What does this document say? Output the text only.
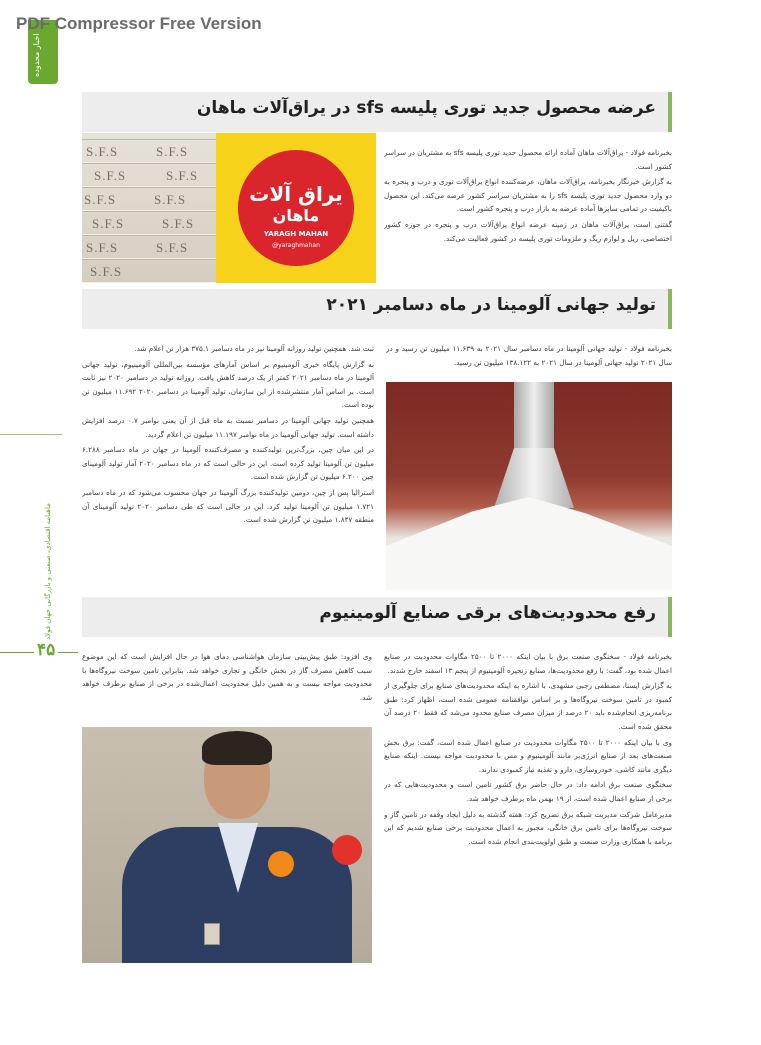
PDF Compressor Free Version
اخبار محدوده
ماهنامه اقتصادی، صنعتی و بازرگانی جهان فولاد
۴۵
عرضه محصول جدید توری پلیسه sfs در یراق‌آلات ماهان
S.F.S	S.F.S
S.F.S	S.F.S
S.F.S	S.F.S
S.F.S	S.F.S
S.F.S	S.F.S
S.F.S
یراق آلات
ماهان
YARAGH MAHAN
@yaraghmahan

بخبرنامه فولاد - یراق‌آلات ماهان آماده ارائه محصول جدید توری پلیسه sfs به مشتریان در سراسر کشور است.

به گزارش خبرنگار بخبرنامه، یراق‌آلات ماهان، عرضه‌کننده انواع یراق‌آلات توری و درب و پنجره به دو وارد محصول جدید توری پلیسه sfs را به مشتریان سراسر کشور عرضه می‌کند. این محصول باکیفیت در تمامی سایزها آماده عرضه به بازار درب و پنجره کشور است.

گفتنی است، یراق‌آلات ماهان در زمینه عرضه انواع یراق‌آلات درب و پنجره در حوزه کشور اختصاصی، ریل و لوازم ریگ و ملزومات توری پلیسه در کشور فعالیت می‌کند.

تولید جهانی آلومینا در ماه دسامبر ۲۰۲۱

بخبرنامه فولاد - تولید جهانی آلومینا در ماه دسامبر سال ۲۰۲۱ به ۱۱.۶۳۹ میلیون تن رسید و در سال ۲۰۲۱ تولید جهانی آلومینا در سال ۲۰۲۱ به ۱۳۸.۱۲۲ میلیون تن رسید.

ثبت شد. همچنین تولید روزانه آلومینا نیز در ماه دسامبر ۳۷۵.۱ هزار تن اعلام شد.

به گزارش پایگاه خبری آلومینیوم بر اساس آمارهای مؤسسه بین‌المللی آلومینیوم، تولید جهانی آلومینا در ماه دسامبر ۲۰۲۱ کمتر از یک درصد کاهش یافت. روزانه تولید در دسامبر ۲۰۲۰ نیز ثابت است. بر اساس آمار منتشرشده از این سازمان، تولید آلومینا در دسامبر ۲۰۲۰ ۱۱.۶۹۲ میلیون تن بوده است.

همچنین تولید جهانی آلومینا در دسامبر نسبت به ماه قبل از آن یعنی نوامبر ۰.۷ درصد افزایش داشته است. تولید جهانی آلومینا در ماه نوامبر ۱۱.۱۹۷ میلیون تن اعلام گردید.

در این میان چین، بزرگ‌ترین تولیدکننده و مصرف‌کننده آلومینا در جهان در ماه دسامبر ۶.۲۸۸ میلیون تن آلومینا تولید کرده است. این در حالی است که در ماه دسامبر ۲۰۲۰ آمار تولید آلومینای چین ۶.۲۰۰ میلیون تن گزارش شده است.

استرالیا پس از چین، دومین تولیدکننده بزرگ آلومینا در جهان محسوب می‌شود که در ماه دسامبر ۱.۷۲۱ میلیون تن آلومینا تولید کرد. این در حالی است که طی دسامبر ۲۰۲۰ تولید آلومینای آن منطقه ۱.۸۴۷ میلیون تن گزارش شده است.

رفع محدودیت‌های برقی صنایع آلومینیوم

بخبرنامه فولاد - سخنگوی صنعت برق با بیان اینکه ۲۰۰۰ تا ۲۵۰۰ مگاوات محدودیت در صنایع اعمال شده بود، گفت: با رفع محدودیت‌ها، صنایع زنجیره آلومینیوم از پنجم ۱۳ اسفند خارج شدند.

به گزارش ایسنا، مصطفی رجبی مشهدی، با اشاره به اینکه محدودیت‌های صنایع برای جلوگیری از کمبود در تامین سوخت نیروگاه‌ها و بر اساس توافقنامه عمومی شده است، اظهار کرد: طبق برنامه‌ریزی انجام‌شده باید ۲۰ درصد از میزان مصرف صنایع محدود می‌شد که فقط ۲۰ درصد آن محقق شده است.

وی با بیان اینکه ۲۰۰۰ تا ۲۵۰۰ مگاوات محدودیت در صنایع اعمال شده است، گفت: برق بخش صنعت‌های بعد از صنایع انرژی‌بر مانند آلومینیوم و مس با محدودیت مواجه نیست. اینکه صنایع دیگری مانند کاشی، خودروسازی، دارو و تغذیه نیاز کمبودی ندارند.

سخنگوی صنعت برق ادامه داد: در حال حاضر برق کشور تامین است و محدودیت‌هایی که در برخی از صنایع اعمال شده است، از ۱۹ بهمن ماه برطرف خواهد شد.

مدیرعامل شرکت مدیریت شبکه برق تصریح کرد: هفته گذشته به دلیل ایجاد وقفه در تامین گاز و سوخت نیروگاه‌ها برای تامین برق خانگی، مجبور به اعمال محدودیت برخی صنایع شدیم که این برنامه با همکاری وزارت صنعت و طبق اولویت‌بندی انجام شده است.

وی افزود: طبق پیش‌بینی سازمان هواشناسی دمای هوا در حال افزایش است که این موضوع سبب کاهش مصرف گاز در بخش خانگی و تجاری خواهد شد. بنابراین تامین سوخت نیروگاه‌ها با محدودیت مواجه نیست و به همین دلیل محدودیت اعمال‌شده در برخی از صنایع برطرف خواهد شد.
